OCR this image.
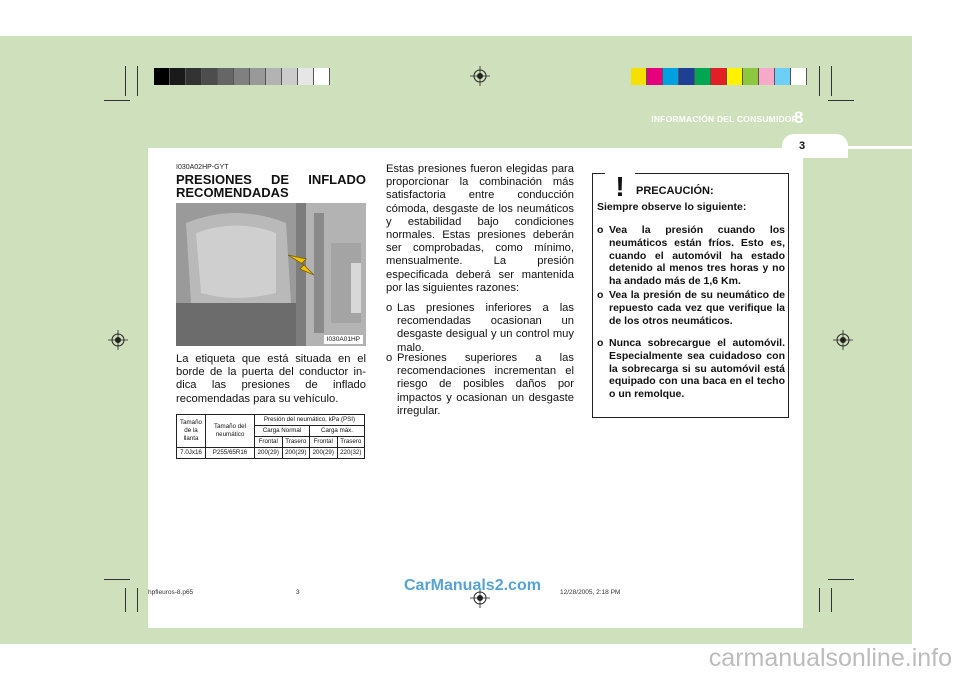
3
INFORMACIÓN DEL CONSUMIDOR
8
I030A02HP-GYT
PRESIONES DE INFLADO
RECOMENDADAS
I030A01HP
La etiqueta que está situada en el borde de la puerta del conductor in-dica las presiones de inflado recomendadas para su vehículo.
Tamaño de la llanta	Tamaño del neumático	Presión del neumático, kPa (PSI)			
		Carga Normal		Carga máx.	
		Frontal	Trasero	Frontal	Trasero
7.0Jx16	P255/65R16	200(29)	200(29)	200(29)	220(32)
Estas presiones fueron elegidas para proporcionar la combinación más satisfactoria entre conducción cómoda, desgaste de los neumáticos y estabilidad bajo condiciones normales. Estas presiones deberán ser comprobadas, como mínimo, mensualmente. La presión especificada deberá ser mantenida por las siguientes razones:
o Las presiones inferiores a las recomendadas ocasionan un desgaste desigual y un control muy malo.
o Presiones superiores a las recomendaciones incrementan el riesgo de posibles daños por impactos y ocasionan un desgaste irregular.
! PRECAUCIÓN:
Siempre observe lo siguiente:
o Vea la presión cuando los neumáticos están fríos. Esto es, cuando el automóvil ha estado detenido al menos tres horas y no ha andado más de 1,6 Km.
o Vea la presión de su neumático de repuesto cada vez que verifique la de los otros neumáticos.
o Nunca sobrecargue el automóvil. Especialmente sea cuidadoso con la sobrecarga si su automóvil está equipado con una baca en el techo o un remolque.
hpfleuros-8.p65	3	12/28/2005, 2:18 PM
CarManuals2.com
carmanualsonline.info
